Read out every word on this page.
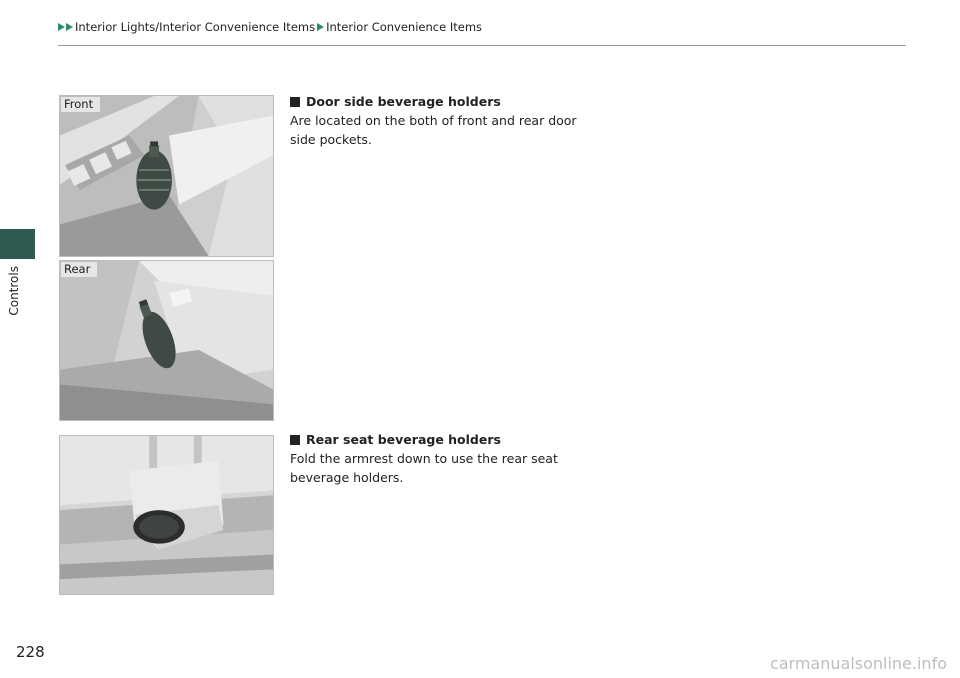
Interior Lights/Interior Convenience Items Interior Convenience Items
Controls
Front
Rear
Door side beverage holders
Are located on the both of front and rear door
side pockets.
Rear seat beverage holders
Fold the armrest down to use the rear seat
beverage holders.
228
carmanualsonline.info
